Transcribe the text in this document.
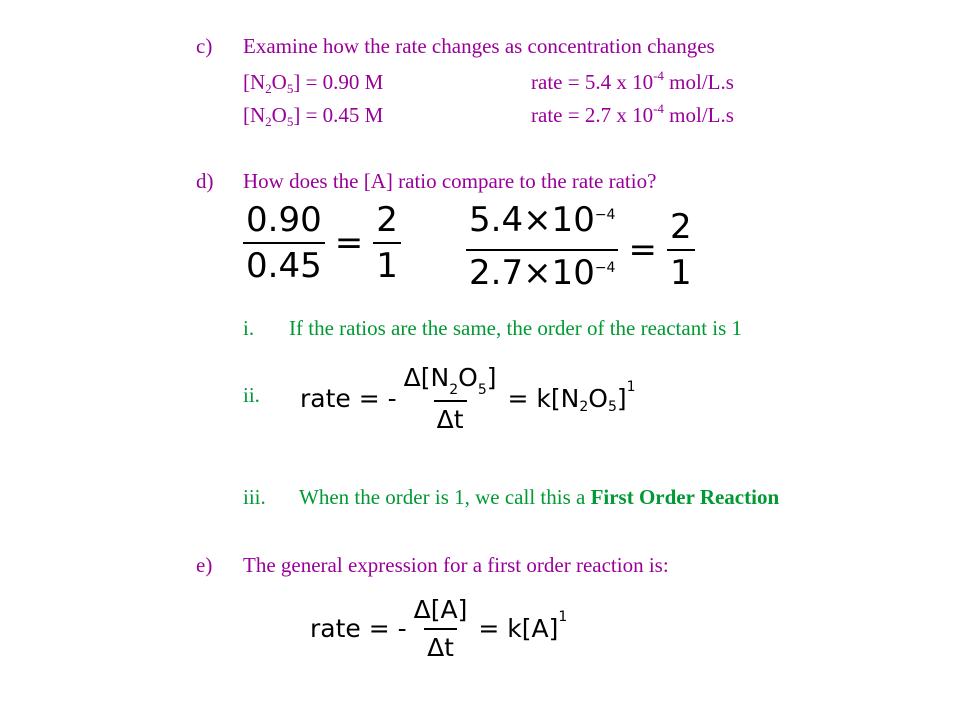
c) Examine how the rate changes as concentration changes
$[N_2O_5] = 0.90$ M	rate = 5.4 x $10^{-4}$ mol/L.s
$[N_2O_5] = 0.45$ M	rate = 2.7 x $10^{-4}$ mol/L.s
d) How does the [A] ratio compare to the rate ratio?
$\frac{0.90}{0.45} = \frac{2}{1} \frac{5.4\times 10^{-4}}{2.7\times 10^{-4}} = \frac{2}{1}$
i. If the ratios are the same, the order of the reactant is 1
ii. rate = - $\frac{\Delta[N_2O_5]}{\Delta t} = k[N$ 2 O 5 ] 1
iii. When the order is 1, we call this a First Order Reaction
e) The general expression for a first order reaction is:
rate = - $\frac{\Delta[A]}{\Delta t} = k[A]$ 1
